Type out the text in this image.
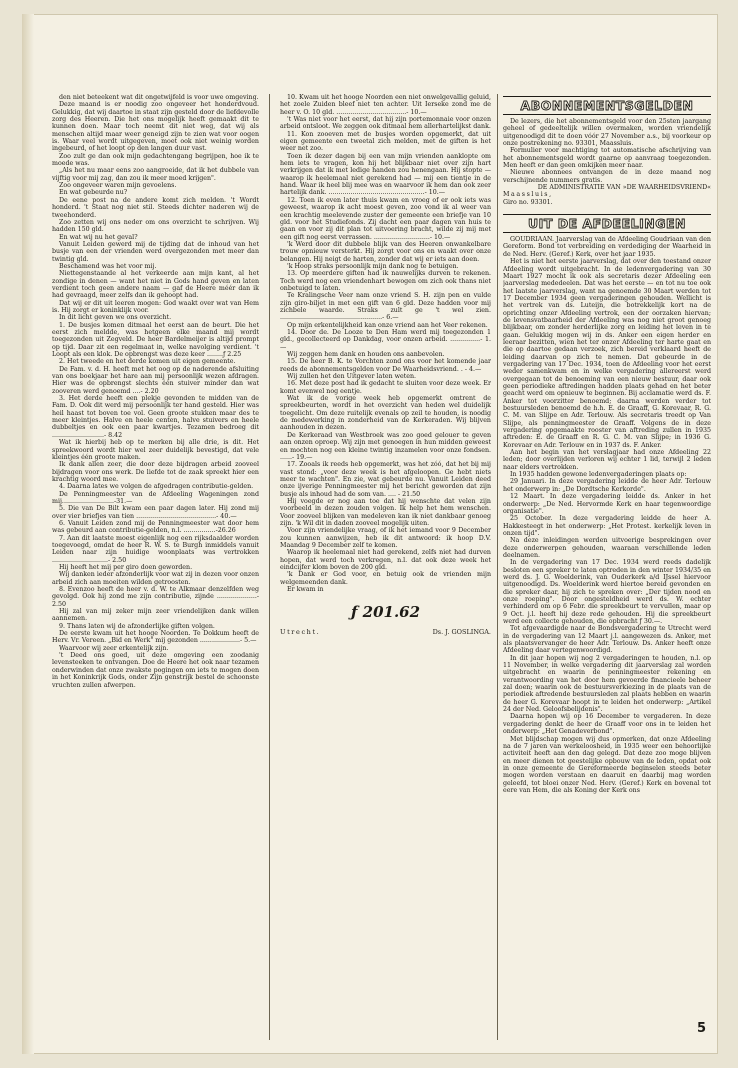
den niet beteekent wat dit ongetwijfeld is voor uwe omgeving.

Deze maand is er noodig zoo ongeveer het honderdvoud. Gelukkig, dat wij daartoe in staat zijn gesteld door de liefdevolle zorg des Heeren. Die het ons mogelijk heeft gemaakt dit te kunnen doen. Maar toch neemt dit niet weg, dat wij als menschen altijd maar weer geneigd zijn te zien wat voor oogen is. Waar veel wordt uitgegeven, moet ook niet weinig worden ingebeurd, of het loopt op den langen duur vast.

Zoo zult ge dan ook mijn gedachtengang begrijpen, hoe ik te moede was.

„Als het nu maar eens zoo aangroeide, dat ik het dubbele van vijftig voor mij zag, dan zou ik meer moed krijgen".

Zoo ongeveer waren mijn gevoelens.

En wat gebeurde nu?

De eene post na de andere komt zich melden. 't Wordt honderd. 't Staat nog niet stil. Steeds dichter naderen wij de tweehonderd.

Zoo zetten wij ons neder om ons overzicht te schrijven. Wij hadden 150 gld.

En wat wij nu het geval?

Vanuit Leiden gewerd mij de tijding dat de inhoud van het busje van een der vrienden werd overgezonden met meer dan twintig gld.

Beschamend was het voor mij.

Niettegenstaande al het verkeerde aan mijn kant, al het zondige in denen — want het niet in Gods hand geven en laten verdient toch geen andere naam — gaf de Heere méér dan ik had gevraagd, meer zelfs dan ik gehoopt had.

Dat wij er dit uit leeren mogen: God waakt over wat van Hem is. Hij zorgt er koninklijk voor.

In dit licht geven we ons overzicht.

1. De busjes komen ditmaal het eerst aan de beurt. Die het eerst zich meldde, was hetgeen elke maand mij wordt toegezonden uit Zegveld. De heer Bardelmeijer is altijd prompt op tijd. Daar zit een regelmaat in, welke navolging verdient. 't Loopt als een klok. De opbrengst was deze keer ........ƒ 2.25

2. Het tweede en het derde komen uit eigen gemeente.

De Fam. v. d. H. heeft met het oog op de naderende afsluiting van ons boekjaar het hare aan mij persoonlijk wezen afdragen. Hier was de opbrengst slechts één stuiver minder dan wat zooveren werd genoemd ....- 2.20

3. Het derde heeft een plekje gevonden te midden van de Fam. D. Ook dit werd mij persoonlijk ter hand gesteld. Hier was heil haast tot boven toe vol. Geen groote stukken maar des te meer kleintjes. Halve en heele centen, halve stuivers en heele dubbeltjes en ook een paar kwartjes. Tezamen bedroeg dit ..........................- 8.42

Wat ik hierbij heb op te merken bij alle drie, is dit. Het spreekwoord wordt hier wel zeer duidelijk bevestigd, dat vele kleintjes één groote maken.

Ik dank allen zeer, die door deze bijdragen arbeid zooveel bijdragen voor ons werk. De liefde tot de zaak spreekt hier een krachtig woord mee.

4. Daarna lates we volgen de afgedragen contributie-gelden.

De Penningmeester van de Afdeeling Wageningen zond mij..........................-31.—

5. Die van De Bilt kwam een paar dagen later. Hij zond mij over vier briefjes van tien ........................................- 40.—

6. Vanuit Leiden zond mij de Penningmeester wat door hem was gebeurd aan contributie-gelden, n.l. ................-26.26

7. Aan dit laatste moest eigenlijk nog een rijksdaalder worden toegevoegd, omdat de heer R. W. S. te Burgh inmiddels vanuit Leiden naar zijn huidige woonplaats was vertrokken ............................- 2.50

Hij heeft het mij per giro doen geworden.

Wij danken ieder afzonderlijk voor wat zij in dezen voor onzen arbeid zich aan moeiten wilden getroosten.

8. Evenzoo heeft de heer v. d. W. te Alkmaar denzelfden weg gevolgd. Ook hij zond me zijn contributie, zijnde ....................- 2.50

Hij zal van mij zeker mijn zeer vriendelijken dank willen aannemen.

9. Thans laten wij de afzonderlijke giften volgen.

De eerste kwam uit het hooge Noorden. Te Dokkum heeft de Herv. Vr. Vereen. „Bid en Werk" mij gezonden ....................- 5.—

Waarvoor wij zeer erkentelijk zijn.

't Deed ons goed, uit deze omgeving een zoodanig levensteeken te ontvangen. Doe de Heere het ook naar tezamen onderwinden dat onze zwakste pogingen om iets te mogen doen in het Koninkrijk Gods, onder Zijn genstrijk bestel de schoonste vruchten zullen afwerpen.

10. Kwam uit het hooge Noorden een niet onwelgevallig geluid, het zoele Zuiden bleef niet ten achter. Uit Ierseke zond me de heer v. O. 10 gld. ...................................- 10.—

't Was niet voor het eerst, dat hij zijn portemonnaie voor onzen arbeid ontsloot. We zeggen ook ditmaal hem allerhartelijkst dank.

11. Kon zooeven met de busjes worden opgemerkt, dat uit eigen gemeente een tweetal zich melden, met de giften is het weer net zoo.

Toen ik dezer dagen bij een van mijn vrienden aanklopte om hem iets te vragen, kon hij het blijkbaar niet over zijn hart verkrijgen dat ik met ledige handen zou henengaan. Hij stopte — waarop ik heelemaal niet gerekend had — mij een tientje in de hand. Waar ik heel blij mee was en waarvoor ik hem dan ook zeer hartelijk dank. ................................................- 10.—

12. Toen ik even later thuis kwam en vroeg of er ook iets was geweest, waarop ik acht moest geven, zoo vond ik al weer van een krachtig meelevende zuster der gemeente een briefje van 10 gld. voor het Studiefonds. Zij dacht een paar dagen van huis te gaan en voor zij dit plan tot uitvoering bracht, wilde zij mij met een gift nog eerst verrassen. ............................- 10.—

'k Werd door dit dubbele blijk van des Heeren onwankelbare trouw opnieuw versterkt. Hij zorgt voor ons en waakt over onze belangen. Hij neigt de harten, zonder dat wij er iets aan doen.

'k Hoop straks persoonlijk mijn dank nog te betuigen.

13. Op meerdere giften had ik nauwelijks durven te rekenen. Toch werd nog een vriendenhart bewogen om zich ook thans niet onbetuigd te laten.

Te Kralingsche Veer nam onze vriend S. H. zijn pen en vulde zijn giro-biljet in met een gift van 6 gld. Deze hadden voor mij zichbele waarde. Straks zult ge 't wel zien. ...................................................- 6.—

Op mijn erkentelijkheid kan onze vriend aan het Veer rekenen.

14. Door de. De Looze te Den Ham werd mij toegezonden 1 gld., gecollecteerd op Dankdag, voor onzen arbeid. ...............- 1.—

Wij zeggen hem dank en houden ons aanbevolen.

15. De heer B. K. te Vorchten zond ons voor het komende jaar reeds de abonnementsgelden voor De Waarheidsvriend. . - 4.—

Wij zullen het den Uitgever laten weten.

16. Met deze post had ik gedacht te sluiten voor deze week. Er komt evenwel nog eentje.

Wat ik de vorige week heb opgemerkt omtrent de spreekbeurten, wordt in het overzicht van heden wel duidelijk toegelicht. Om deze ruitelijk evenals op zeil te houden, is noodig de medewerking in zonderheid van de Kerkeraden. Wij blijven aanhouden in dezen.

De Kerkeraad van Westbroek was zoo goed gelouer te geven aan onzen oproep. Wij zijn met genoegen in hun midden geweest en mochten nog een kleine twintig inzamelen voor onze fondsen. ......- 19.—

17. Zooals ik reeds heb opgemerkt, was het zóó, dat het bij mij vast stond: „voor deze week is het afgeloopen. Ge hebt niets meer te wachten". En zie, wat gebeurde nu. Vanuit Leiden deed onze ijverige Penningmeester mij het bericht geworden dat zijn busje als inhoud had de som van. .... - 21.50

Hij voegde er nog aan toe dat hij wenschte dat velen zijn voorbeeld in dezen zouden volgen. Ik help het hem wenschen. Voor zooveel blijken van medeleven kan ik niet dankbaar genoeg zijn. 'k Wil dit in daden zooveel mogelijk uiten.

Voor zijn vriendelijke vraag, of ik het iemand voor 9 December zou kunnen aanwijzen, heb ik dit antwoord: ik hoop D.V. Maandag 9 December zelf te komen.

Waarop ik heelemaal niet had gerekend, zelfs niet had durven hopen, dat werd toch verkregen, n.l. dat ook deze week het eindcijfer klom boven de 200 gld.

'k Dank er God voor, en betuig ook de vrienden mijn welgemeenden dank.

Er kwam in

ƒ 201.62
Utrecht.	Ds. J. GOSLINGA.
ABONNEMENTSGELDEN

De lezers, die het abonnementsgeld voor den 25sten jaargang geheel of gedeeltelijk willen overmaken, worden vriendelijk uitgenoodigd dit te doen vóór 27 November a.s., bij voorkeur op onze postrekening no. 93301, Maassluis.

Formulier voor machtiging tot automatische afschrijving van het abonnementsgeld wordt gaarne op aanvraag toegezonden. Men heeft er dan geen omkijken meer naar.

Nieuwe abonnees ontvangen de in deze maand nog verschijnende nummers gratis.

DE ADMINISTRATIE VAN »DE WAARHEIDSVRIEND«

Maassluis,

Giro no. 93301.

UIT DE AFDEELINGEN

GOUDRIAAN. Jaarverslag van de Afdeeling Goudriaan van den Gereform. Bond tot verbreiding en verdediging der Waarheid in de Ned. Herv. (Geref.) Kerk, over het jaar 1935.

Het is niet het eerste jaarverslag, dat over den toestand onzer Afdeeling wordt uitgebracht. In de ledenvergadering van 30 Maart 1927 mocht ik ook als secretaris dezer Afdeeling een jaarverslag mededeelen. Dat was het eerste — en tot nu toe ook het laatste jaarverslag, want na genoemde 30 Maart werden tot 17 December 1934 geen vergaderingen gehouden. Wellicht is het vertrek van ds. Luteijn, die botrekkelijk kort na de oprichting onzer Afdeeling vertrok, een der oorzaken hiervan; de levensvatbaarheid der Afdeeling was nog niet groot genoeg blijkbaar, om zonder herderlijke zorg en leiding het leven in te gaan. Gelukkig mogen wij in ds. Anker een eigen herder en leeraar bezitten, wien het ter onzer Afdeeling ter harte gaat en die op daartoe gedaan verzoek, zich bereid verklaard heeft de leiding daarvan op zich te nemen. Dat gebeurde in de vergadering van 17 Dec. 1934, toen de Afdeeling voor het eerst weder samenkwam en in welke vergadering allereerst werd overgegaan tot de benoeming van een nieuw bestuur, daar ook geen periodieke aftredingen hadden plaats gehad en het beter geacht werd om opnieuw te beginnen. Bij acclamatie werd ds. F. Anker tot voorzitter benoemd; daarna werden verder tot bestuursleden benoemd de h.h. E. de Graaff, G. Korevaar, R. G. C. M. van Slijpe en Adr. Terlouw. Als secretaris treedt op Van Slijpe, als penningmeester de Graaff. Volgens de in deze vergadering opgemaakte rooster van aftreding zullen in 1935 aftreden: E. de Graaff en R. G. C. M. van Slijpe; in 1936 G. Korevaar en Adr. Terlouw en in 1937 ds. F. Anker.

Aan het begin van het verslagjaar had onze Afdeeling 22 leden; door overlijden verloren wij echter 1 lid, terwijl 2 leden naar elders vertrokken.

In 1935 hadden gewone ledenvergaderingen plaats op:

29 Januari. In deze vergadering leidde de heer Adr. Terlouw het onderwerp in: „De Dordtsche Kerkorde".

12 Maart. In deze vergadering leidde ds. Anker in het onderwerp: „De Ned. Hervormde Kerk en haar tegenwoordige organisatie".

25 October. In deze vergadering leidde de heer A. Hakkesteegt in het onderwerp: „Het Protest. kerkelijk leven in onzen tijd".

Na deze inleidingen werden uitvoerige besprekingen over deze onderwerpen gehouden, waaraan verschillende leden deelnamen.

In de vergadering van 17 Dec. 1934 werd reeds dadelijk besloten een spreker te laten optreden in den winter 1934/35 en werd ds. J. G. Woelderink, van Ouderkerk a/d IJssel hiervoor uitgenoodigd. Ds. Woelderink werd hiertoe bereid gevonden en die spreker daar, hij zich te spreken over: „Der tijden nood en onze roeping". Door ongesteldheid werd ds. W. echter verhinderd om op 6 Febr. die spreekbeurt te vervullen, maar op 9 Oct. j.l. heeft hij deze rede gehouden. Hij die spreekbeurt werd een collecte gehouden, die opbracht ƒ 30.—.

Tot afgevaardigde naar de Bondsvergadering te Utrecht werd in de vergadering van 12 Maart j.l. aangewezen ds. Anker, met als plaatsvervanger de heer Adr. Terlouw. Ds. Anker heeft onze Afdeeling daar vertegenwoordigd.

In dit jaar hopen wij nog 2 vergaderingen te houden, n.l. op 11 November, in welke vergadering dit jaarverslag zal worden uitgebracht en waarin de penningmeester rekening en verantwoording van het door hem gevoerde financieele beheer zal doen; waarin ook de bestuursverkiezing in de plaats van de periodiek aftredende bestuursleden zal plaats hebben en waarin de heer G. Korevaar hoopt in te leiden het onderwerp: „Artikel 24 der Ned. Geloofsbelijdenis".

Daarna hopen wij op 16 December te vergaderen. In deze vergadering denkt de heer de Graaff voor ons in te leiden het onderwerp: „Het Genadeverbond".

Met blijdschap mogen wij dus opmerken, dat onze Afdeeling na de 7 jaren van werkeloosheid, in 1935 weer een behoorlijke activiteit heeft aan den dag gelegd. Dat deze zoo moge blijven en meer dienen tot geestelijke opbouw van de leden, opdat ook in onze gemeente de Gereformeerde beginselen steeds beter mogen worden verstaan en daaruit en daarbij mag worden geleefd, tot bloei onzer Ned. Herv. (Geref.) Kerk en bovenal tot eere van Hem, die als Koning der Kerk ons

5
